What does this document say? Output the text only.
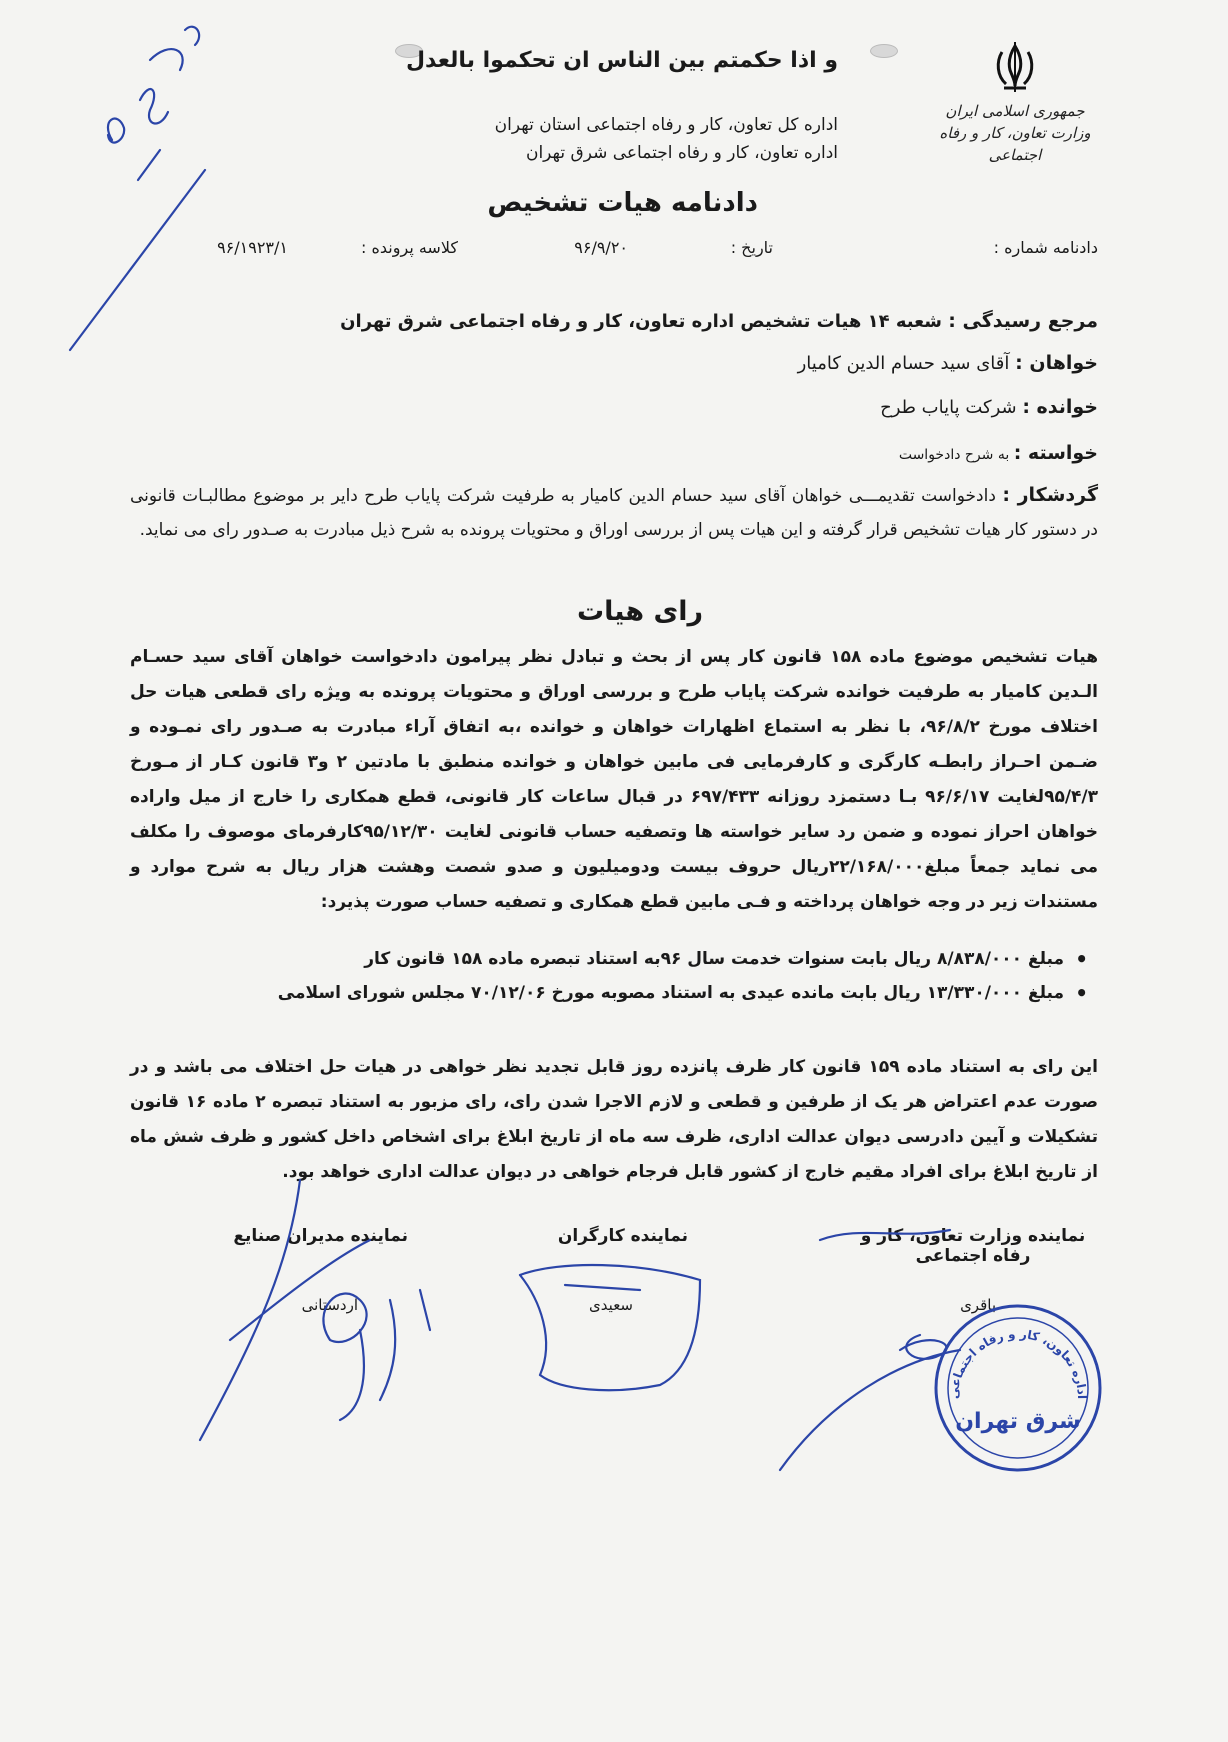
جمهوری اسلامی ایران
وزارت تعاون، کار و رفاه اجتماعی
و اذا حکمتم بین الناس ان تحکموا بالعدل
اداره کل تعاون، کار و رفاه اجتماعی استان تهران
اداره تعاون، کار و رفاه اجتماعی شرق تهران
دادنامه هیات تشخیص
دادنامه شماره :
تاریخ :
۹۶/۹/۲۰
کلاسه پرونده :
۹۶/۱۹۲۳/۱
مرجع رسیدگی : شعبه ۱۴ هیات تشخیص اداره تعاون، کار و رفاه اجتماعی شرق تهران
خواهان : آقای سید حسام الدین کامیار
خوانده : شرکت پایاب طرح
خواسته : به شرح دادخواست
گردشکار : دادخواست تقدیمـــی خواهان آقای سید حسام الدین کامیار به طرفیت شرکت پایاب طرح دایر بر موضوع مطالبـات قانونی در دستور کار هیات تشخیص قرار گرفته و این هیات پس از بررسی اوراق و محتویات پرونده به شرح ذیل مبادرت به صـدور رای می نماید.
رای هیات
هیات تشخیص موضوع ماده ۱۵۸ قانون کار پس از بحث و تبادل نظر پیرامون دادخواست خواهان آقای سید حسـام الـدین کامیار به طرفیت خوانده شرکت پایاب طرح و بررسی اوراق و محتویات پرونده به ویژه رای قطعی هیات حل اختلاف مورخ ۹۶/۸/۲، با نظر به استماع اظهارات خواهان و خوانده ،به اتفاق آراء مبادرت به صـدور رای نمـوده و ضـمن احـراز رابطـه کارگری و کارفرمایی فی مابین خواهان و خوانده منطبق با مادتین ۲ و۳ قانون کـار از مـورخ ۹۵/۴/۳لغایت ۹۶/۶/۱۷ بـا دستمزد روزانه ۶۹۷/۴۳۳ در قبال ساعات کار قانونی، قطع همکاری را خارج از میل واراده خواهان احراز نموده و ضمن رد سایر خواسته ها وتصفیه حساب قانونی لغایت ۹۵/۱۲/۳۰کارفرمای موصوف را مکلف می نماید جمعاً مبلغ۲۲/۱۶۸/۰۰۰ریال حروف بیست ودومیلیون و صدو شصت وهشت هزار ریال به شرح موارد و مستندات زیر در وجه خواهان پرداخته و فـی مابین قطع همکاری و تصفیه حساب صورت پذیرد:
• مبلغ ۸/۸۳۸/۰۰۰ ریال بابت سنوات خدمت سال ۹۶به استناد تبصره ماده ۱۵۸ قانون کار
• مبلغ ۱۳/۳۳۰/۰۰۰ ریال بابت مانده عیدی به استناد مصوبه مورخ ۷۰/۱۲/۰۶ مجلس شورای اسلامی
این رای به استناد ماده ۱۵۹ قانون کار ظرف پانزده روز قابل تجدید نظر خواهی در هیات حل اختلاف می باشد و در صورت عدم اعتراض هر یک از طرفین و قطعی و لازم الاجرا شدن رای، رای مزبور به استناد تبصره ۲ ماده ۱۶ قانون تشکیلات و آیین دادرسی دیوان عدالت اداری، ظرف سه ماه از تاریخ ابلاغ برای اشخاص داخل کشور و ظرف شش ماه از تاریخ ابلاغ برای افراد مقیم خارج از کشور قابل فرجام خواهی در دیوان عدالت اداری خواهد بود.
نماینده وزارت تعاون، کار و رفاه اجتماعی
نماینده کارگران
نماینده مدیران صنایع
باقری
سعیدی
اردستانی
اداره تعاون، کار و رفاه اجتماعی
شرق تهران
